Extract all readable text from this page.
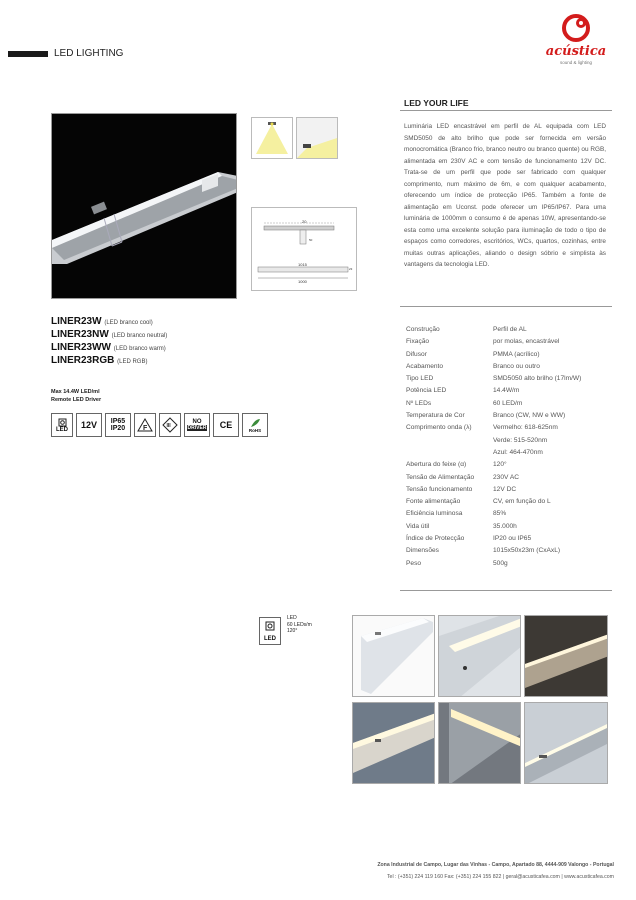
LED LIGHTING	acústica
sound & lighting
20
50
1015
1000
23
LED YOUR LIFE
Luminária LED encastrável em perfil de AL equipada com LED SMD5050 de alto brilho que pode ser fornecida em versão monocromática (Branco frio, branco neutro ou branco quente) ou RGB, alimentada em 230V AC e com tensão de funcionamento 12V DC. Trata-se de um perfil que pode ser fabricado com qualquer comprimento, num máximo de 6m, e com qualquer acabamento, oferecendo um índice de protecção IP65. Também a fonte de alimentação em Uconst. pode oferecer um IP65/IP67. Para uma luminária de 1000mm o consumo é de apenas 10W, apresentando-se esta como uma excelente solução para iluminação de todo o tipo de espaços como corredores, escritórios, WCs, quartos, cozinhas, entre muitas outras aplicações, aliando o design sóbrio e simplista às vantagens da tecnologia LED.
LINER23W (LED branco cool)
LINER23NW (LED branco neutral)
LINER23WW (LED branco warm)
LINER23RGB (LED RGB)
Max 14.4W LED/ml
Remote LED Driver
LED	12V	IP65
IP20	F	III
NO
DRIVER	CE	RoHS
Construção	Perfil de AL
Fixação	por molas, encastrável
Difusor	PMMA (acrílico)
Acabamento	Branco ou outro
Tipo LED	SMD5050 alto brilho (17lm/W)
Potência LED	14.4W/m
Nº LEDs	60 LED/m
Temperatura de Cor	Branco (CW, NW e WW)
Comprimento onda (λ)	Vermelho: 618-625nm
	Verde: 515-520nm
	Azul: 464-470nm
Abertura do feixe (α)	120°
Tensão de Alimentação	230V AC
Tensão funcionamento	12V DC
Fonte alimentação	CV, em função do L
Eficiência luminosa	85%
Vida útil	35.000h
Índice de Protecção	IP20 ou IP65
Dimensões	1015x50x23m (CxAxL)
Peso	500g
LED
LED
60 LEDs/m
120°
Zona Industrial de Campo, Lugar das Vinhas - Campo, Apartado 88, 4444-909 Valongo - Portugal
Tel : (+351) 224 119 160 Fax: (+351) 224 155 822 | geral@acusticafea.com | www.acusticafea.com
